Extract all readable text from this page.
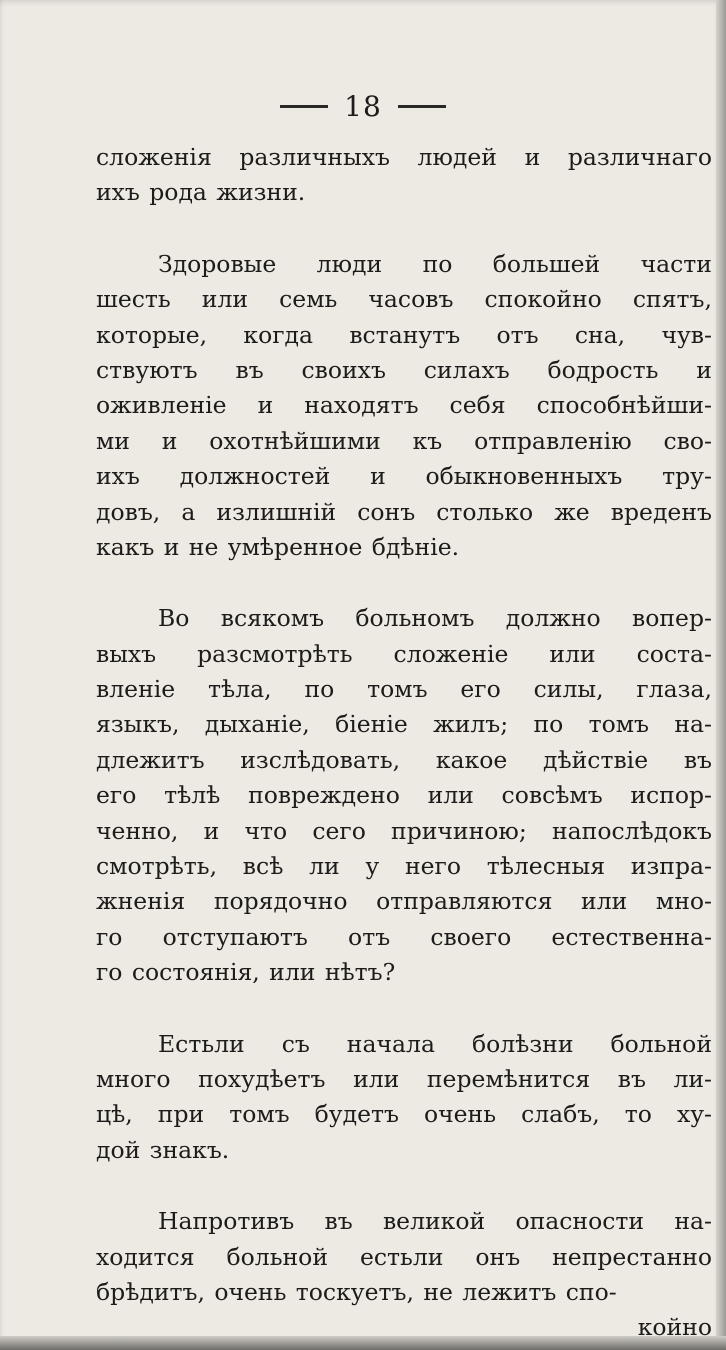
18
сложенія различныхъ людей и различнаго
ихъ рода жизни.
Здоровые люди по большей части
шесть или семь часовъ спокойно спятъ,
которые, когда встанутъ отъ сна, чув-
ствуютъ въ своихъ силахъ бодрость и
оживленіе и находятъ себя способнѣйши-
ми и охотнѣйшими къ отправленію сво-
ихъ должностей и обыкновенныхъ тру-
довъ, а излишній сонъ столько же вреденъ
какъ и не умѣренное бдѣніе.
Во всякомъ больномъ должно вопер-
выхъ разсмотрѣть сложеніе или соста-
вленіе тѣла, по томъ его силы, глаза,
языкъ, дыханіе, біеніе жилъ; по томъ на-
длежитъ изслѣдовать, какое дѣйствіе въ
его тѣлѣ повреждено или совсѣмъ испор-
ченно, и что сего причиною; напослѣдокъ
смотрѣть, всѣ ли у него тѣлесныя изпра-
жненія порядочно отправляются или мно-
го отступаютъ отъ своего естественна-
го состоянія, или нѣтъ?
Естьли съ начала болѣзни больной
много похудѣетъ или перемѣнится въ ли-
цѣ, при томъ будетъ очень слабъ, то ху-
дой знакъ.
Напротивъ въ великой опасности на-
ходится больной естьли онъ непрестанно
брѣдитъ, очень тоскуетъ, не лежитъ спо-
койно
